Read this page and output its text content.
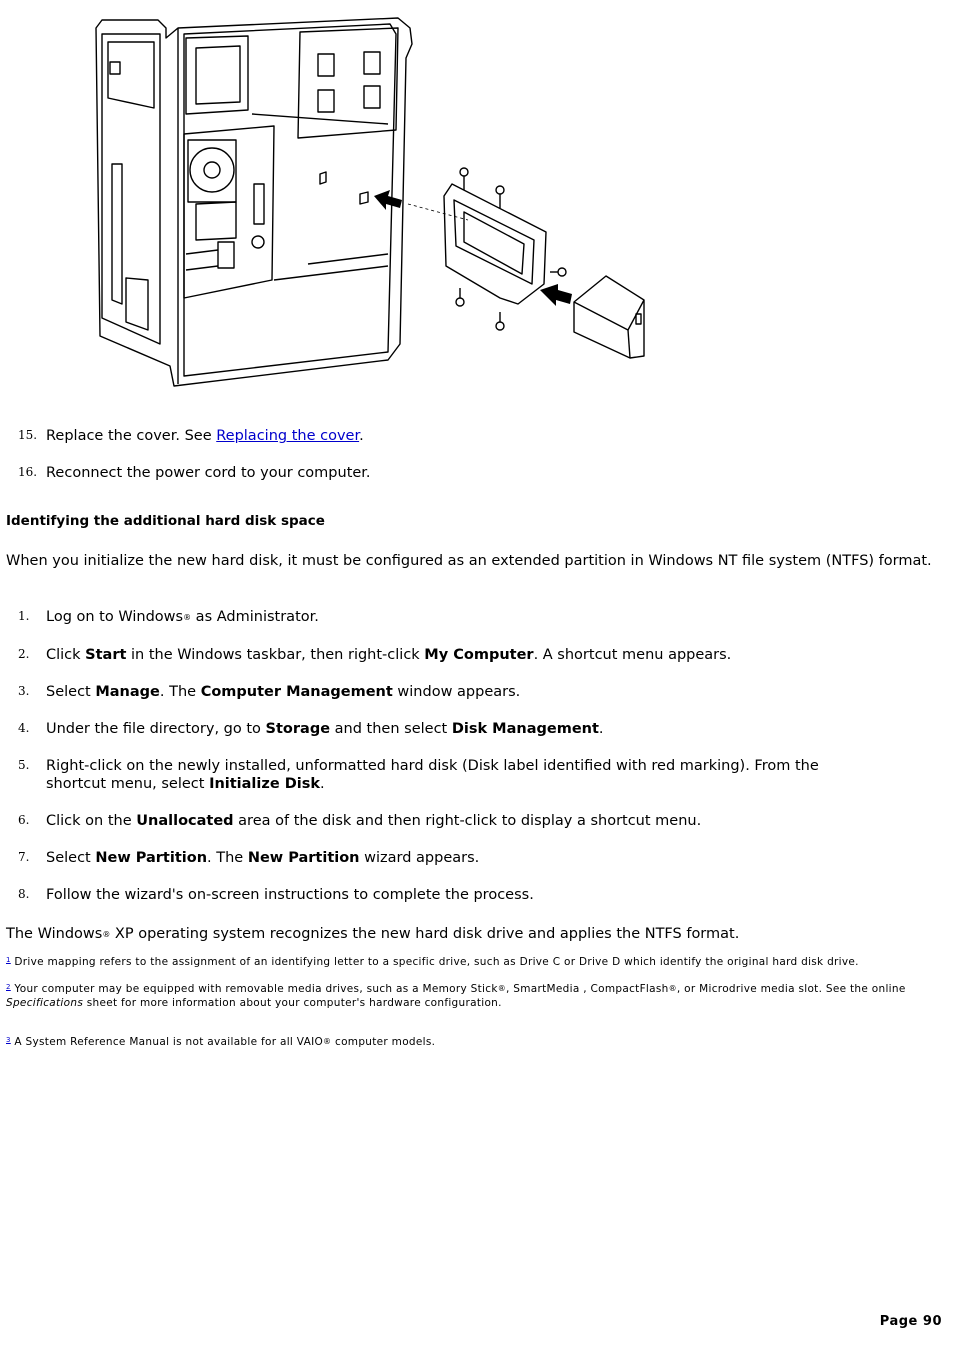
15. Replace the cover. See Replacing the cover.
16. Reconnect the power cord to your computer.
Identifying the additional hard disk space
When you initialize the new hard disk, it must be configured as an extended partition in Windows NT file system (NTFS) format.
1.	Log on to Windows® as Administrator.
2.	Click Start in the Windows taskbar, then right-click My Computer. A shortcut menu appears.
3.	Select Manage. The Computer Management window appears.
4.	Under the file directory, go to Storage and then select Disk Management.
5.	Right-click on the newly installed, unformatted hard disk (Disk label identified with red marking). From the shortcut menu, select Initialize Disk.
6.	Click on the Unallocated area of the disk and then right-click to display a shortcut menu.
7.	Select New Partition. The New Partition wizard appears.
8.	Follow the wizard's on-screen instructions to complete the process.
The Windows® XP operating system recognizes the new hard disk drive and applies the NTFS format.
$^1$ Drive mapping refers to the assignment of an identifying letter to a specific drive, such as Drive C or Drive D which identify the original hard disk drive.
$^2$ Your computer may be equipped with removable media drives, such as a Memory Stick®, SmartMedia , CompactFlash®, or Microdrive media slot. See the online Specifications sheet for more information about your computer's hardware configuration.
$^3$ A System Reference Manual is not available for all VAIO® computer models.
Page 90
